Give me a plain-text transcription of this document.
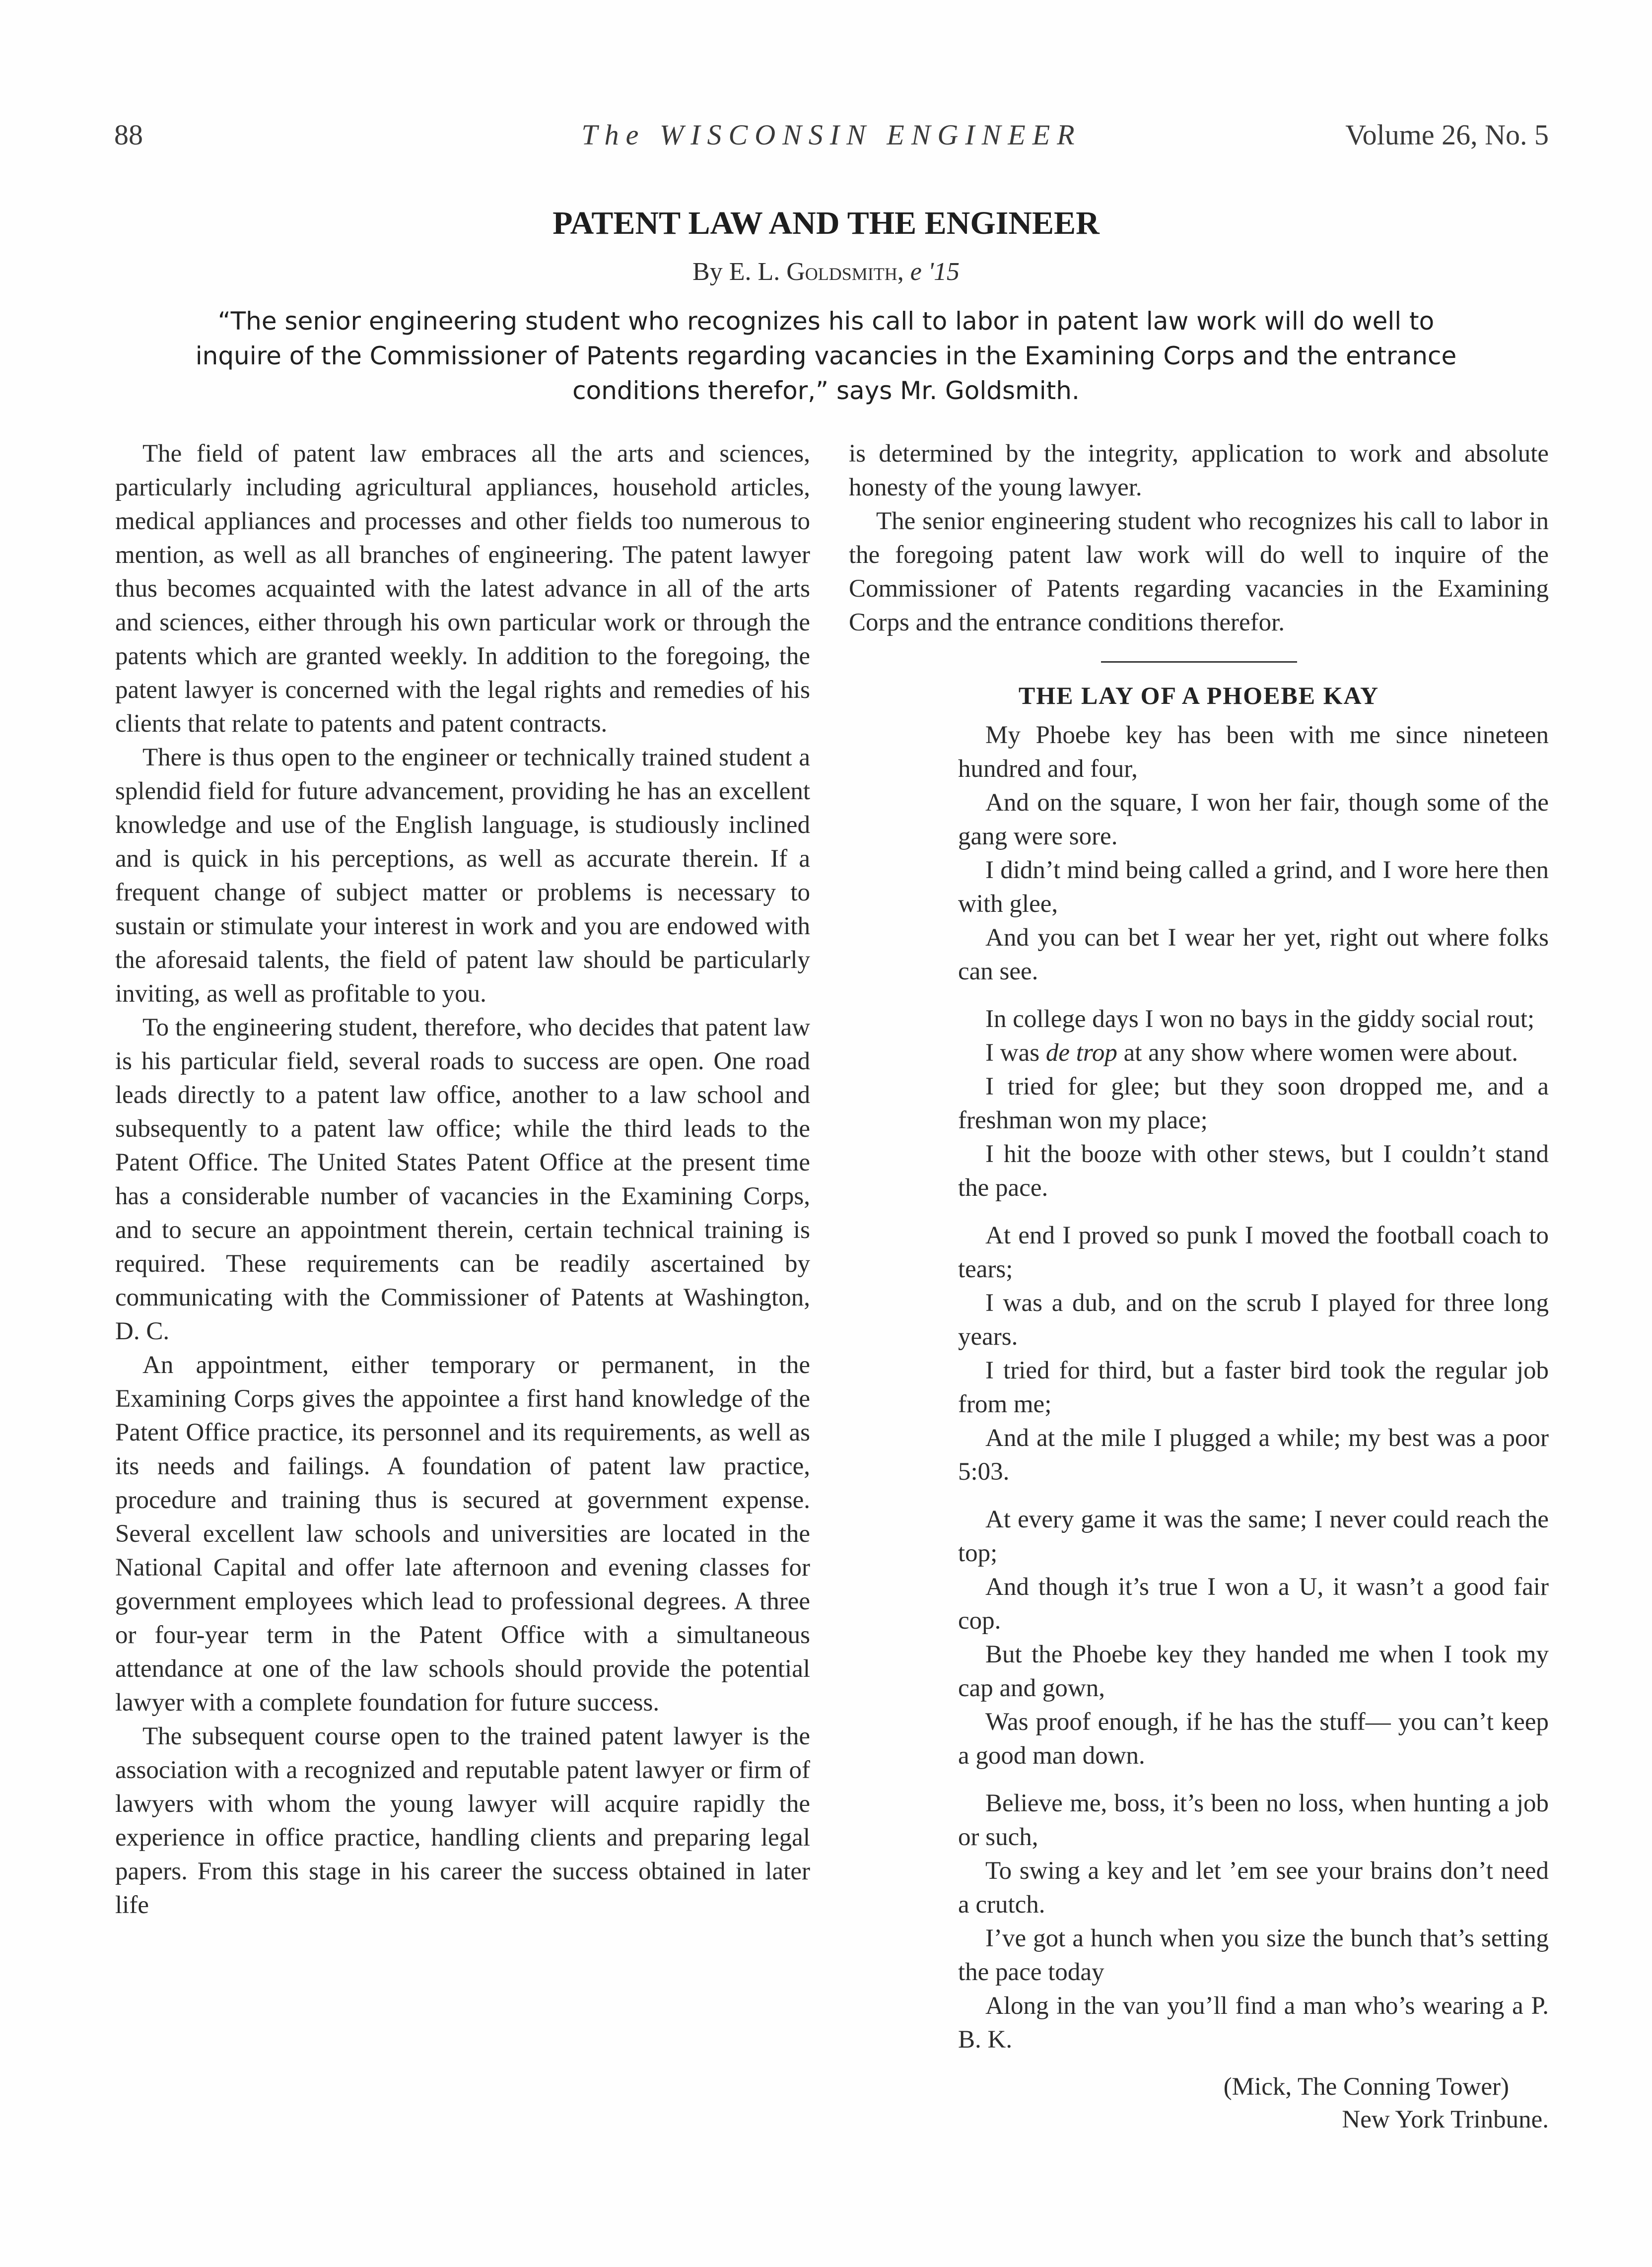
88	The WISCONSIN ENGINEER	Volume 26, No. 5
PATENT LAW AND THE ENGINEER
By E. L. Goldsmith, e '15
“The senior engineering student who recognizes his call to labor in patent law work will do well to inquire of the Commissioner of Patents regarding vacancies in the Examining Corps and the entrance conditions therefor,” says Mr. Goldsmith.

The field of patent law embraces all the arts and sciences, particularly including agricultural appliances, household articles, medical appliances and processes and other fields too numerous to mention, as well as all branches of engineering. The patent lawyer thus becomes acquainted with the latest advance in all of the arts and sciences, either through his own particular work or through the patents which are granted weekly. In addition to the foregoing, the patent lawyer is concerned with the legal rights and remedies of his clients that relate to patents and patent contracts.

There is thus open to the engineer or technically trained student a splendid field for future advancement, providing he has an excellent knowledge and use of the English language, is studiously inclined and is quick in his perceptions, as well as accurate therein. If a frequent change of subject matter or problems is necessary to sustain or stimulate your interest in work and you are endowed with the aforesaid talents, the field of patent law should be particularly inviting, as well as profitable to you.

To the engineering student, therefore, who decides that patent law is his particular field, several roads to success are open. One road leads directly to a patent law office, another to a law school and subsequently to a patent law office; while the third leads to the Patent Office. The United States Patent Office at the present time has a considerable number of vacancies in the Examining Corps, and to secure an appointment therein, certain technical training is required. These requirements can be readily ascertained by communicating with the Commissioner of Patents at Washington, D. C.

An appointment, either temporary or permanent, in the Examining Corps gives the appointee a first hand knowledge of the Patent Office practice, its personnel and its requirements, as well as its needs and failings. A foundation of patent law practice, procedure and training thus is secured at government expense. Several excellent law schools and universities are located in the National Capital and offer late afternoon and evening classes for government employees which lead to professional degrees. A three or four-year term in the Patent Office with a simultaneous attendance at one of the law schools should provide the potential lawyer with a complete foundation for future success.

The subsequent course open to the trained patent lawyer is the association with a recognized and reputable patent lawyer or firm of lawyers with whom the young lawyer will acquire rapidly the experience in office practice, handling clients and preparing legal papers. From this stage in his career the success obtained in later life

is determined by the integrity, application to work and absolute honesty of the young lawyer.

The senior engineering student who recognizes his call to labor in the foregoing patent law work will do well to inquire of the Commissioner of Patents regarding vacancies in the Examining Corps and the entrance conditions therefor.

THE LAY OF A PHOEBE KAY

My Phoebe key has been with me since nineteen hundred and four,

And on the square, I won her fair, though some of the gang were sore.

I didn’t mind being called a grind, and I wore here then with glee,

And you can bet I wear her yet, right out where folks can see.

In college days I won no bays in the giddy social rout;

I was de trop at any show where women were about.

I tried for glee; but they soon dropped me, and a freshman won my place;

I hit the booze with other stews, but I couldn’t stand the pace.

At end I proved so punk I moved the football coach to tears;

I was a dub, and on the scrub I played for three long years.

I tried for third, but a faster bird took the regular job from me;

And at the mile I plugged a while; my best was a poor 5:03.

At every game it was the same; I never could reach the top;

And though it’s true I won a U, it wasn’t a good fair cop.

But the Phoebe key they handed me when I took my cap and gown,

Was proof enough, if he has the stuff— you can’t keep a good man down.

Believe me, boss, it’s been no loss, when hunting a job or such,

To swing a key and let ’em see your brains don’t need a crutch.

I’ve got a hunch when you size the bunch that’s setting the pace today

Along in the van you’ll find a man who’s wearing a P. B. K.

(Mick, The Conning Tower)
New York Trinbune.
